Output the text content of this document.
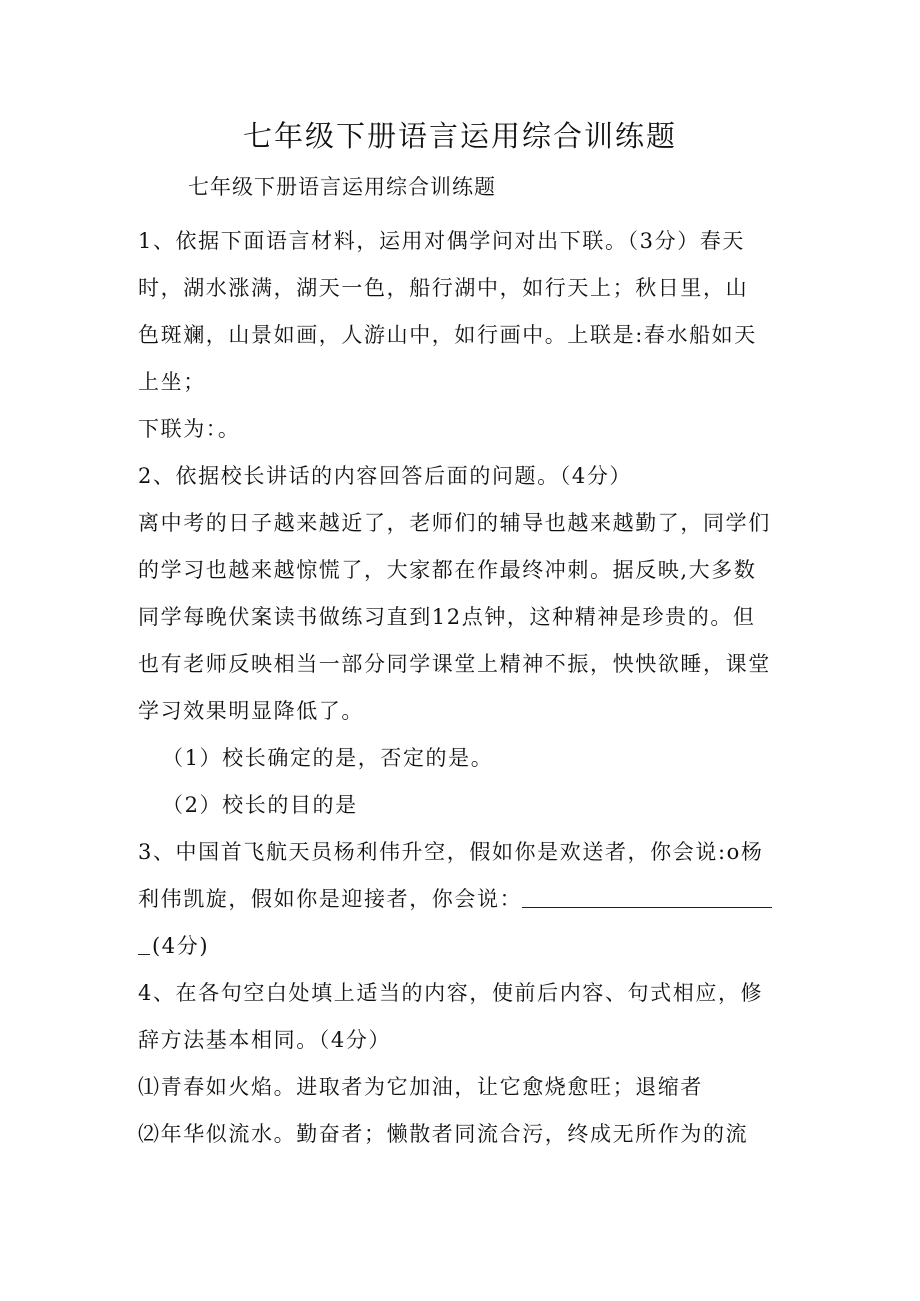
七年级下册语言运用综合训练题
七年级下册语言运用综合训练题
1、依据下面语言材料，运用对偶学问对出下联。（3分）春天
时，湖水涨满，湖天一色，船行湖中，如行天上；秋日里，山
色斑斓，山景如画，人游山中，如行画中。上联是:春水船如天
上坐；
下联为：。
2、依据校长讲话的内容回答后面的问题。（4分）
离中考的日子越来越近了，老师们的辅导也越来越勤了，同学们
的学习也越来越惊慌了，大家都在作最终冲刺。据反映,大多数
同学每晚伏案读书做练习直到12点钟，这种精神是珍贵的。但
也有老师反映相当一部分同学课堂上精神不振，怏怏欲睡，课堂
学习效果明显降低了。
（1）校长确定的是，否定的是。
（2）校长的目的是
3、中国首飞航天员杨利伟升空，假如你是欢送者，你会说:o杨
利伟凯旋，假如你是迎接者，你会说：
(4分)
4、在各句空白处填上适当的内容，使前后内容、句式相应，修
辞方法基本相同。（4分）
⑴青春如火焰。进取者为它加油，让它愈烧愈旺；退缩者
⑵年华似流水。勤奋者；懒散者同流合污，终成无所作为的流
